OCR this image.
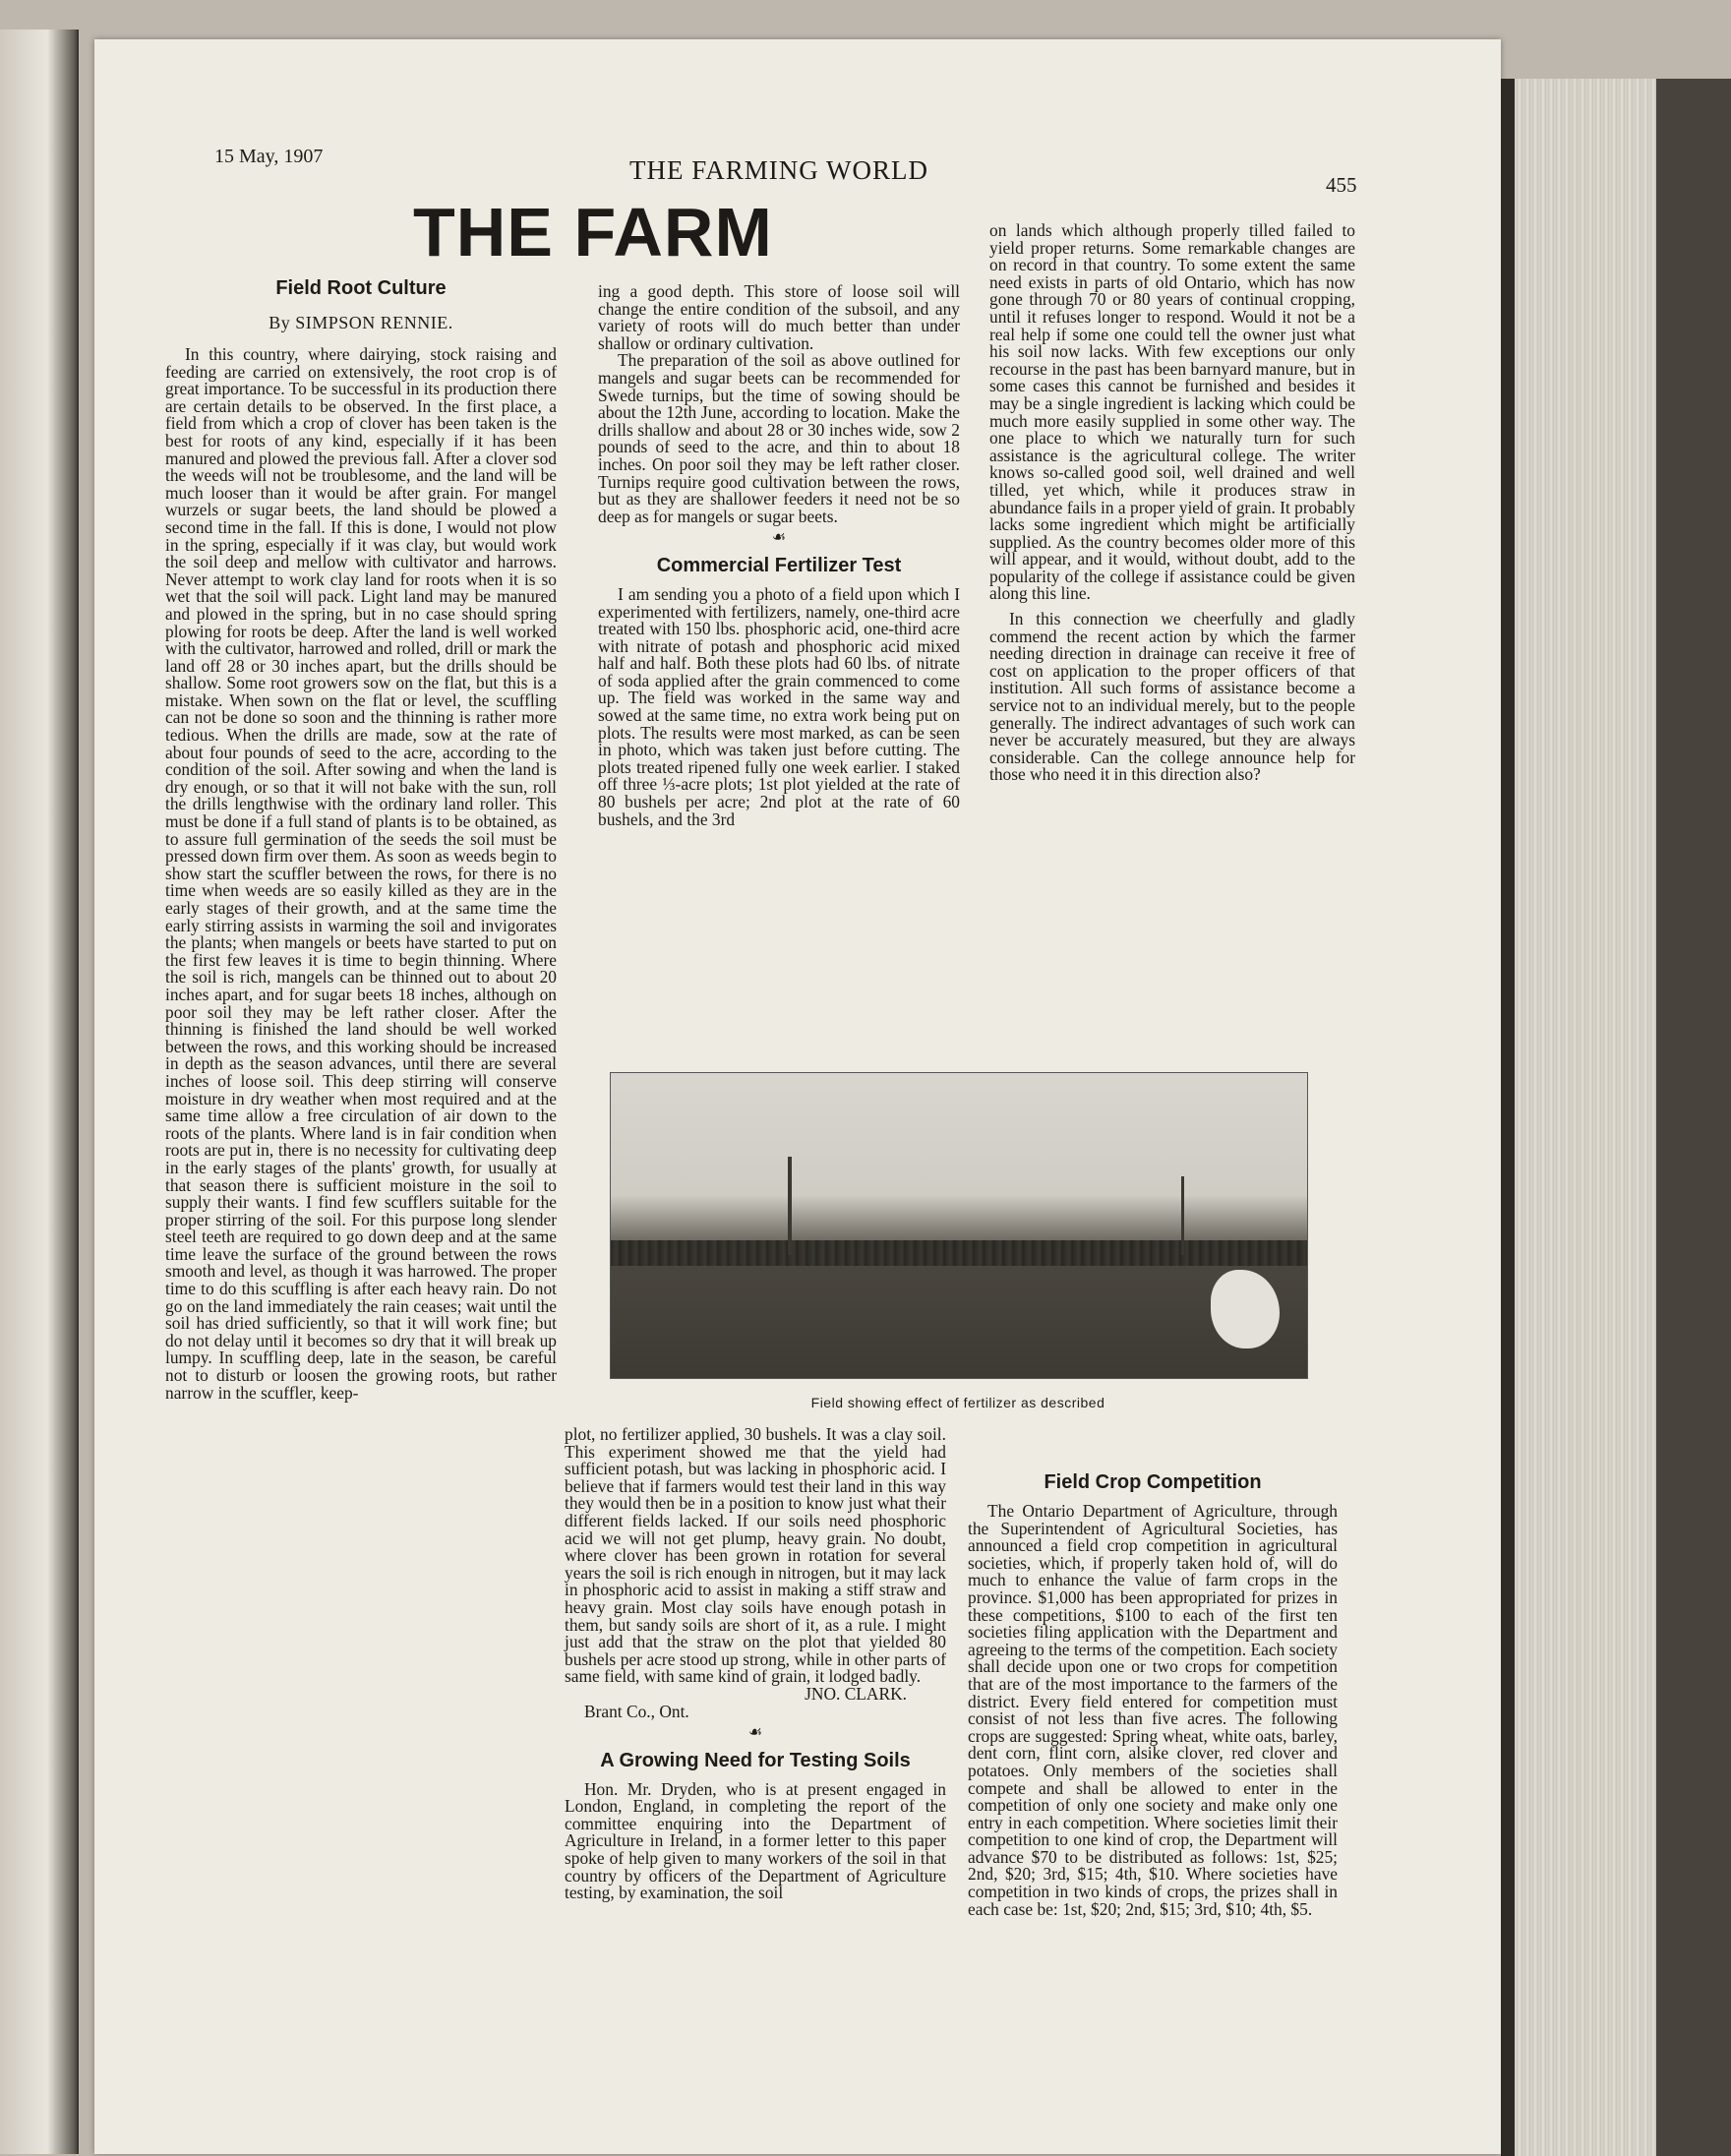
15 May, 1907	THE FARMING WORLD	455
THE FARM
Field Root Culture
By SIMPSON RENNIE.

In this country, where dairying, stock raising and feeding are carried on extensively, the root crop is of great importance. To be successful in its production there are certain details to be observed. In the first place, a field from which a crop of clover has been taken is the best for roots of any kind, especially if it has been manured and plowed the previous fall. After a clover sod the weeds will not be troublesome, and the land will be much looser than it would be after grain. For mangel wurzels or sugar beets, the land should be plowed a second time in the fall. If this is done, I would not plow in the spring, especially if it was clay, but would work the soil deep and mellow with cultivator and harrows. Never attempt to work clay land for roots when it is so wet that the soil will pack. Light land may be manured and plowed in the spring, but in no case should spring plowing for roots be deep. After the land is well worked with the cultivator, harrowed and rolled, drill or mark the land off 28 or 30 inches apart, but the drills should be shallow. Some root growers sow on the flat, but this is a mistake. When sown on the flat or level, the scuffling can not be done so soon and the thinning is rather more tedious. When the drills are made, sow at the rate of about four pounds of seed to the acre, according to the condition of the soil. After sowing and when the land is dry enough, or so that it will not bake with the sun, roll the drills lengthwise with the ordinary land roller. This must be done if a full stand of plants is to be obtained, as to assure full germination of the seeds the soil must be pressed down firm over them. As soon as weeds begin to show start the scuffler between the rows, for there is no time when weeds are so easily killed as they are in the early stages of their growth, and at the same time the early stirring assists in warming the soil and invigorates the plants; when mangels or beets have started to put on the first few leaves it is time to begin thinning. Where the soil is rich, mangels can be thinned out to about 20 inches apart, and for sugar beets 18 inches, although on poor soil they may be left rather closer. After the thinning is finished the land should be well worked between the rows, and this working should be increased in depth as the season advances, until there are several inches of loose soil. This deep stirring will conserve moisture in dry weather when most required and at the same time allow a free circulation of air down to the roots of the plants. Where land is in fair condition when roots are put in, there is no necessity for cultivating deep in the early stages of the plants' growth, for usually at that season there is sufficient moisture in the soil to supply their wants. I find few scufflers suitable for the proper stirring of the soil. For this purpose long slender steel teeth are required to go down deep and at the same time leave the surface of the ground between the rows smooth and level, as though it was harrowed. The proper time to do this scuffling is after each heavy rain. Do not go on the land immediately the rain ceases; wait until the soil has dried sufficiently, so that it will work fine; but do not delay until it becomes so dry that it will break up lumpy. In scuffling deep, late in the season, be careful not to disturb or loosen the growing roots, but rather narrow in the scuffler, keep-

ing a good depth. This store of loose soil will change the entire condition of the subsoil, and any variety of roots will do much better than under shallow or ordinary cultivation.

The preparation of the soil as above outlined for mangels and sugar beets can be recommended for Swede turnips, but the time of sowing should be about the 12th June, according to location. Make the drills shallow and about 28 or 30 inches wide, sow 2 pounds of seed to the acre, and thin to about 18 inches. On poor soil they may be left rather closer. Turnips require good cultivation between the rows, but as they are shallower feeders it need not be so deep as for mangels or sugar beets.

☙
Commercial Fertilizer Test

I am sending you a photo of a field upon which I experimented with fertilizers, namely, one-third acre treated with 150 lbs. phosphoric acid, one-third acre with nitrate of potash and phosphoric acid mixed half and half. Both these plots had 60 lbs. of nitrate of soda applied after the grain commenced to come up. The field was worked in the same way and sowed at the same time, no extra work being put on plots. The results were most marked, as can be seen in photo, which was taken just before cutting. The plots treated ripened fully one week earlier. I staked off three ⅓-acre plots; 1st plot yielded at the rate of 80 bushels per acre; 2nd plot at the rate of 60 bushels, and the 3rd

on lands which although properly tilled failed to yield proper returns. Some remarkable changes are on record in that country. To some extent the same need exists in parts of old Ontario, which has now gone through 70 or 80 years of continual cropping, until it refuses longer to respond. Would it not be a real help if some one could tell the owner just what his soil now lacks. With few exceptions our only recourse in the past has been barnyard manure, but in some cases this cannot be furnished and besides it may be a single ingredient is lacking which could be much more easily supplied in some other way. The one place to which we naturally turn for such assistance is the agricultural college. The writer knows so-called good soil, well drained and well tilled, yet which, while it produces straw in abundance fails in a proper yield of grain. It probably lacks some ingredient which might be artificially supplied. As the country becomes older more of this will appear, and it would, without doubt, add to the popularity of the college if assistance could be given along this line.

In this connection we cheerfully and gladly commend the recent action by which the farmer needing direction in drainage can receive it free of cost on application to the proper officers of that institution. All such forms of assistance become a service not to an individual merely, but to the people generally. The indirect advantages of such work can never be accurately measured, but they are always considerable. Can the college announce help for those who need it in this direction also?

Field showing effect of fertilizer as described

plot, no fertilizer applied, 30 bushels. It was a clay soil. This experiment showed me that the yield had sufficient potash, but was lacking in phosphoric acid. I believe that if farmers would test their land in this way they would then be in a position to know just what their different fields lacked. If our soils need phosphoric acid we will not get plump, heavy grain. No doubt, where clover has been grown in rotation for several years the soil is rich enough in nitrogen, but it may lack in phosphoric acid to assist in making a stiff straw and heavy grain. Most clay soils have enough potash in them, but sandy soils are short of it, as a rule. I might just add that the straw on the plot that yielded 80 bushels per acre stood up strong, while in other parts of same field, with same kind of grain, it lodged badly.

JNO. CLARK.

Brant Co., Ont.

☙
A Growing Need for Testing Soils

Hon. Mr. Dryden, who is at present engaged in London, England, in completing the report of the committee enquiring into the Department of Agriculture in Ireland, in a former letter to this paper spoke of help given to many workers of the soil in that country by officers of the Department of Agriculture testing, by examination, the soil

Field Crop Competition

The Ontario Department of Agriculture, through the Superintendent of Agricultural Societies, has announced a field crop competition in agricultural societies, which, if properly taken hold of, will do much to enhance the value of farm crops in the province. $1,000 has been appropriated for prizes in these competitions, $100 to each of the first ten societies filing application with the Department and agreeing to the terms of the competition. Each society shall decide upon one or two crops for competition that are of the most importance to the farmers of the district. Every field entered for competition must consist of not less than five acres. The following crops are suggested: Spring wheat, white oats, barley, dent corn, flint corn, alsike clover, red clover and potatoes. Only members of the societies shall compete and shall be allowed to enter in the competition of only one society and make only one entry in each competition. Where societies limit their competition to one kind of crop, the Department will advance $70 to be distributed as follows: 1st, $25; 2nd, $20; 3rd, $15; 4th, $10. Where societies have competition in two kinds of crops, the prizes shall in each case be: 1st, $20; 2nd, $15; 3rd, $10; 4th, $5.
